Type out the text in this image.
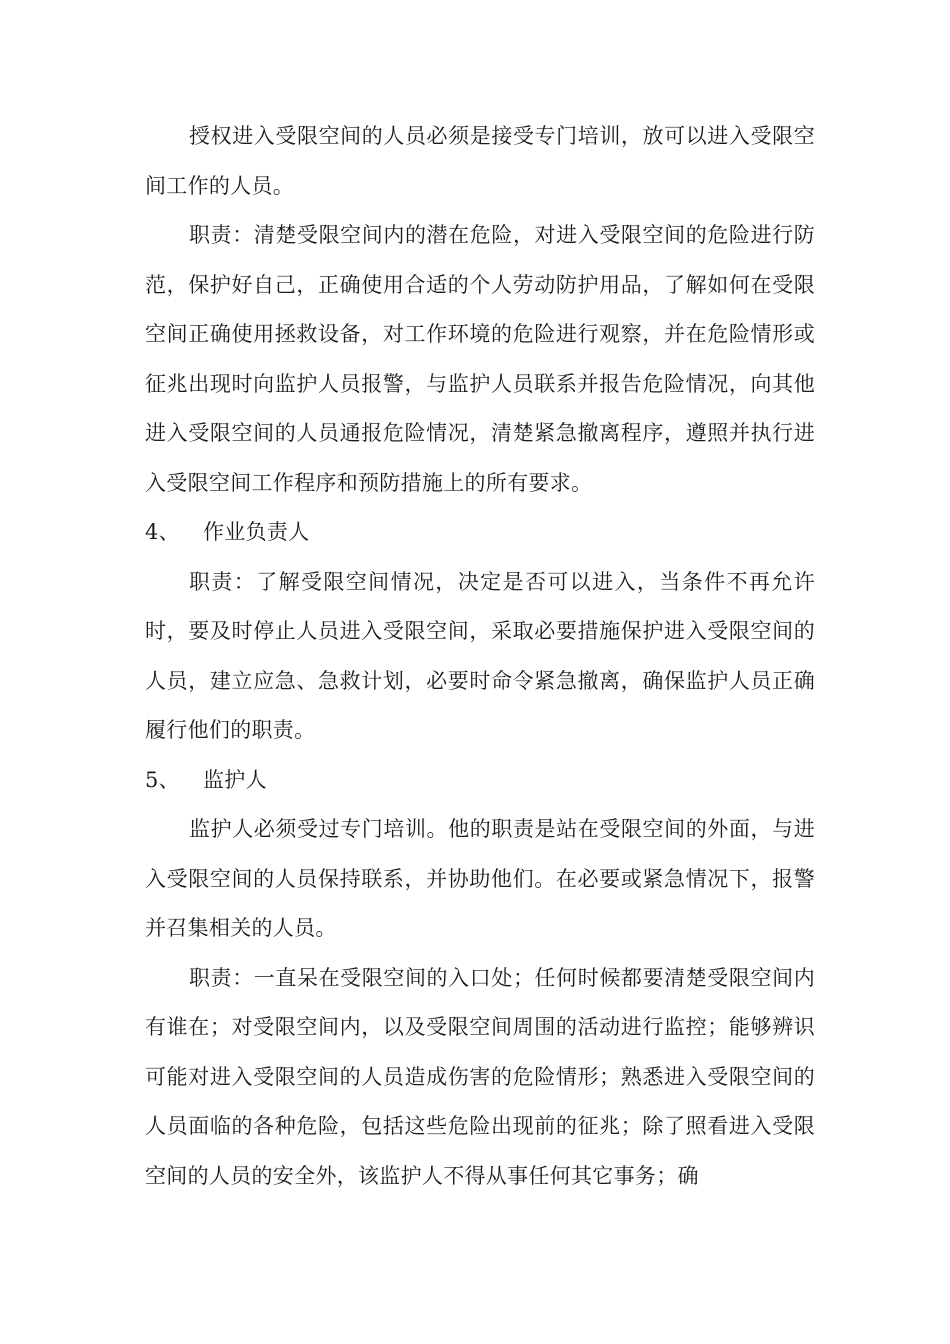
授权进入受限空间的人员必须是接受专门培训，放可以进入受限空间工作的人员。

职责：清楚受限空间内的潜在危险，对进入受限空间的危险进行防范，保护好自己，正确使用合适的个人劳动防护用品，了解如何在受限空间正确使用拯救设备，对工作环境的危险进行观察，并在危险情形或征兆出现时向监护人员报警，与监护人员联系并报告危险情况，向其他进入受限空间的人员通报危险情况，清楚紧急撤离程序，遵照并执行进入受限空间工作程序和预防措施上的所有要求。

4、	作业负责人

职责：了解受限空间情况，决定是否可以进入，当条件不再允许时，要及时停止人员进入受限空间，采取必要措施保护进入受限空间的人员，建立应急、急救计划，必要时命令紧急撤离，确保监护人员正确履行他们的职责。

5、	监护人

监护人必须受过专门培训。他的职责是站在受限空间的外面，与进入受限空间的人员保持联系，并协助他们。在必要或紧急情况下，报警并召集相关的人员。

职责：一直呆在受限空间的入口处；任何时候都要清楚受限空间内有谁在；对受限空间内，以及受限空间周围的活动进行监控；能够辨识可能对进入受限空间的人员造成伤害的危险情形；熟悉进入受限空间的人员面临的各种危险，包括这些危险出现前的征兆；除了照看进入受限空间的人员的安全外，该监护人不得从事任何其它事务；确
